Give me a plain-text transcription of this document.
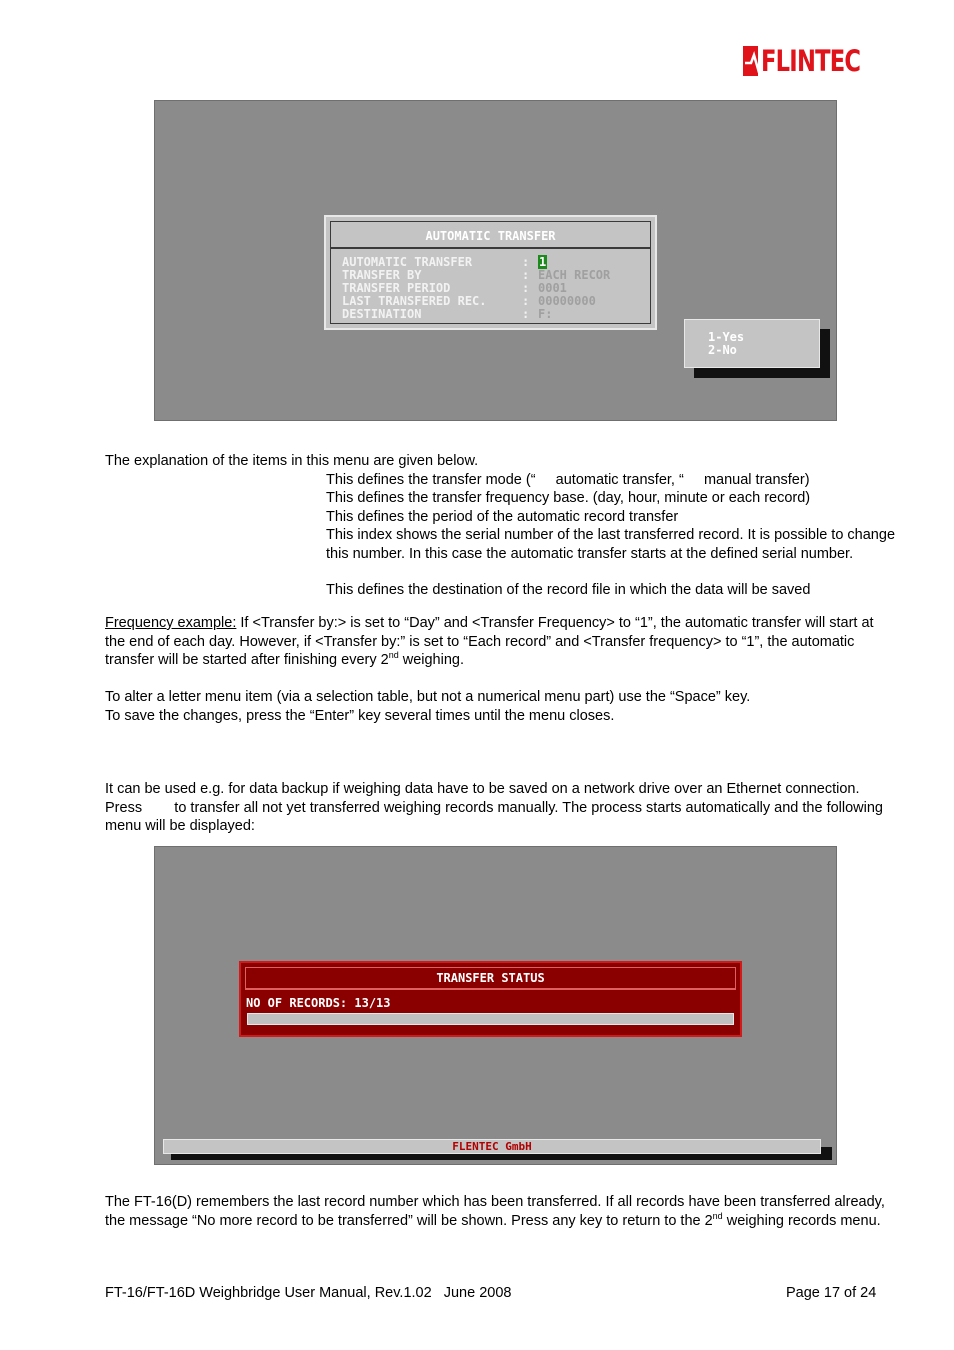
FLINTEC
AUTOMATIC TRANSFER
AUTOMATIC TRANSFER
TRANSFER BY
TRANSFER PERIOD
LAST TRANSFERED REC.
DESTINATION
:
:
:
:
:
1
EACH RECOR
0001
00000000
F:
1-Yes
2-No
The explanation of the items in this menu are given below.
This defines the transfer mode (“     automatic transfer, “     manual transfer)
This defines the transfer frequency base. (day, hour, minute or each record)
This defines the period of the automatic record transfer
This index shows the serial number of the last transferred record. It is possible to change this number. In this case the automatic transfer starts at the defined serial number.
This defines the destination of the record file in which the data will be saved
Frequency example: If <Transfer by:> is set to “Day” and <Transfer Frequency> to “1”, the automatic transfer will start at the end of each day. However, if <Transfer by:” is set to “Each record” and <Transfer frequency> to “1”, the automatic transfer will be started after finishing every 2nd weighing.
To alter a letter menu item (via a selection table, but not a numerical menu part) use the “Space” key.
To save the changes, press the “Enter” key several times until the menu closes.
It can be used e.g. for data backup if weighing data have to be saved on a network drive over an Ethernet connection. Press        to transfer all not yet transferred weighing records manually. The process starts automatically and the following menu will be displayed:
TRANSFER STATUS
NO OF RECORDS: 13/13
FLENTEC GmbH
The FT-16(D) remembers the last record number which has been transferred. If all records have been transferred already, the message “No more record to be transferred” will be shown. Press any key to return to the 2nd weighing records menu.
FT-16/FT-16D Weighbridge User Manual, Rev.1.02   June 2008	Page 17 of 24
